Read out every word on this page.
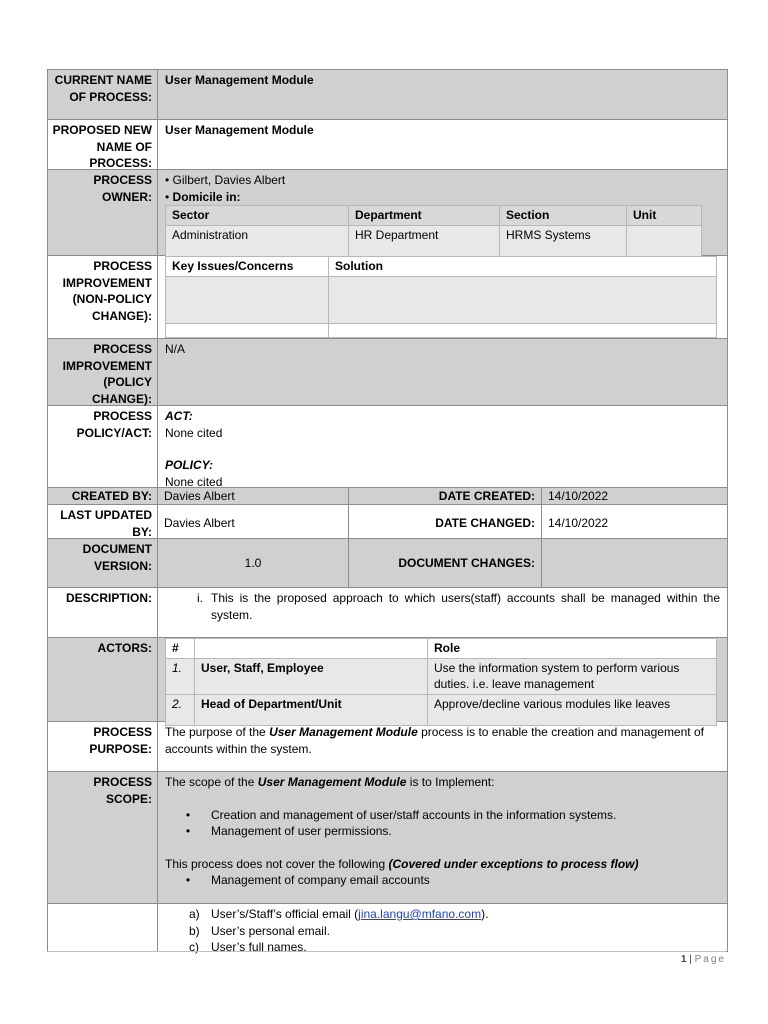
CURRENT NAME OF PROCESS:
User Management Module
PROPOSED NEW NAME OF PROCESS:
User Management Module
PROCESS OWNER:
• Gilbert, Davies Albert
• Domicile in:
Sector	Department	Section	Unit
Administration	HR Department	HRMS Systems	
PROCESS IMPROVEMENT (NON-POLICY CHANGE):
Key Issues/Concerns	Solution

PROCESS IMPROVEMENT (POLICY CHANGE):
N/A
PROCESS POLICY/ACT:
ACT:
None cited
POLICY:
None cited
CREATED BY:	Davies Albert	DATE CREATED:	14/10/2022
LAST UPDATED BY:
Davies Albert	DATE CHANGED:	14/10/2022
DOCUMENT VERSION:	1.0	DOCUMENT CHANGES:
DESCRIPTION:	i. This is the proposed approach to which users(staff) accounts shall be managed within the system.
ACTORS:	#		Role
1.	User, Staff, Employee	Use the information system to perform various duties. i.e. leave management
2.	Head of Department/Unit	Approve/decline various modules like leaves
PROCESS PURPOSE:
The purpose of the User Management Module process is to enable the creation and management of accounts within the system.
PROCESS SCOPE:
The scope of the User Management Module is to Implement:
•	Creation and management of user/staff accounts in the information systems.
•	Management of user permissions.
This process does not cover the following (Covered under exceptions to process flow)
•	Management of company email accounts
a) User’s/Staff’s official email (jina.langu@mfano.com).
b) User’s personal email.
c)	User’s full names.
1 | Page
